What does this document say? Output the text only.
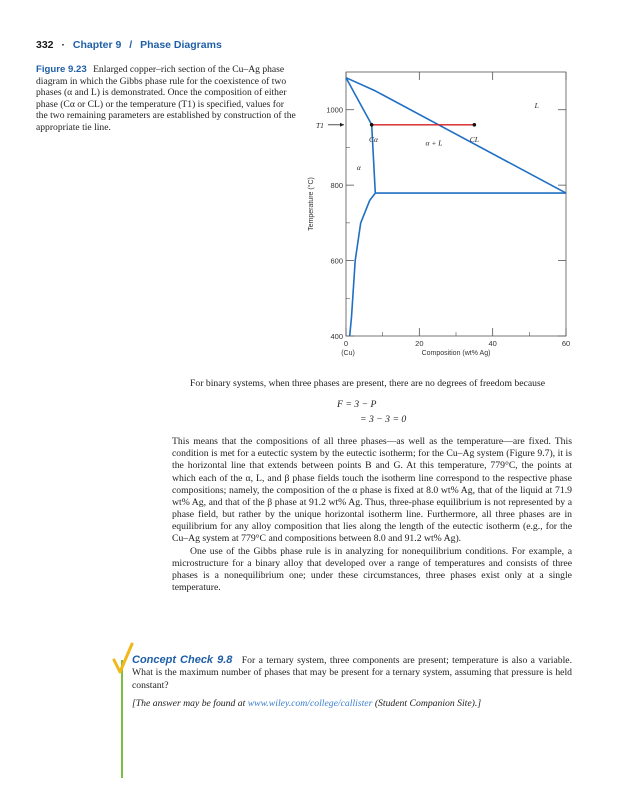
332 · Chapter 9 / Phase Diagrams
Figure 9.23 Enlarged copper–rich section of the Cu–Ag phase diagram in which the Gibbs phase rule for the coexistence of two phases (α and L) is demonstrated. Once the composition of either phase (Cα or CL) or the temperature (T1) is specified, values for the two remaining parameters are established by construction of the appropriate tie line.
0	20	40	60
400
600
800
1000
(Cu)	Composition (wt% Ag)
Temperature (°C)
T1
L
α + L
α
Cα	CL

For binary systems, when three phases are present, there are no degrees of freedom because

F = 3 − P
= 3 − 3 = 0

This means that the compositions of all three phases—as well as the temperature—are fixed. This condition is met for a eutectic system by the eutectic isotherm; for the Cu–Ag system (Figure 9.7), it is the horizontal line that extends between points B and G. At this temperature, 779°C, the points at which each of the α, L, and β phase fields touch the isotherm line correspond to the respective phase compositions; namely, the composition of the α phase is fixed at 8.0 wt% Ag, that of the liquid at 71.9 wt% Ag, and that of the β phase at 91.2 wt% Ag. Thus, three-phase equilibrium is not represented by a phase field, but rather by the unique horizontal isotherm line. Furthermore, all three phases are in equilibrium for any alloy composition that lies along the length of the eutectic isotherm (e.g., for the Cu–Ag system at 779°C and compositions between 8.0 and 91.2 wt% Ag).

One use of the Gibbs phase rule is in analyzing for nonequilibrium conditions. For example, a microstructure for a binary alloy that developed over a range of temperatures and consists of three phases is a nonequilibrium one; under these circumstances, three phases exist only at a single temperature.

Concept Check 9.8 For a ternary system, three components are present; temperature is also a variable. What is the maximum number of phases that may be present for a ternary system, assuming that pressure is held constant?
[The answer may be found at www.wiley.com/college/callister (Student Companion Site).]
